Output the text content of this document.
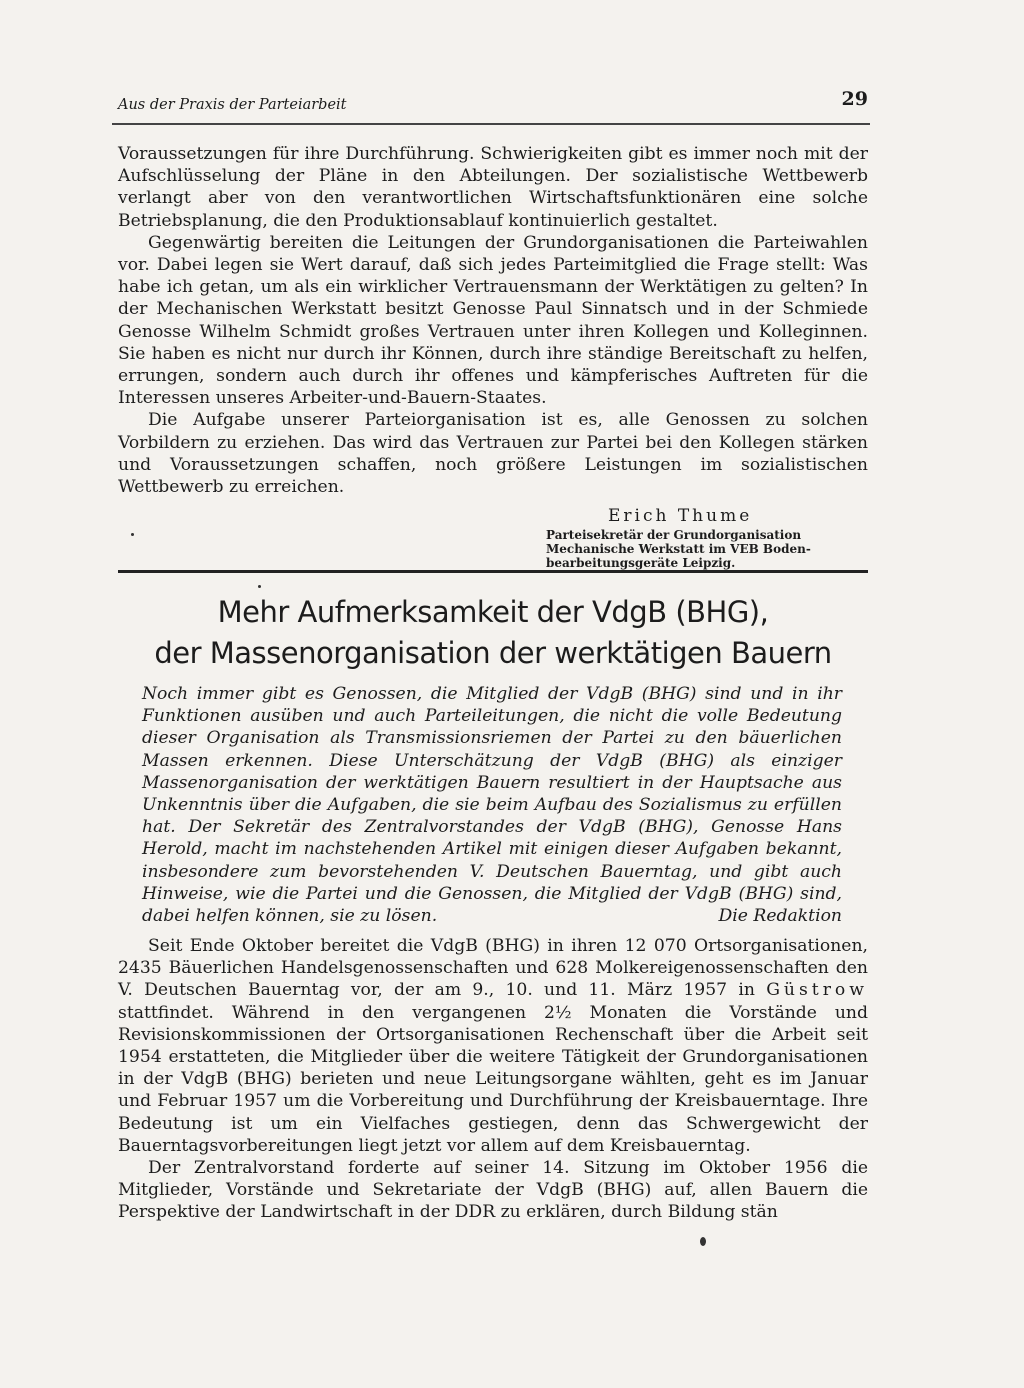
Aus der Praxis der Parteiarbeit	29

Voraussetzungen für ihre Durchführung. Schwierigkeiten gibt es immer noch mit der Aufschlüsselung der Pläne in den Abteilungen. Der sozialistische Wettbewerb verlangt aber von den verantwortlichen Wirtschaftsfunktionären eine solche Betriebsplanung, die den Produktionsablauf kontinuierlich gestaltet.

Gegenwärtig bereiten die Leitungen der Grundorganisationen die Parteiwahlen vor. Dabei legen sie Wert darauf, daß sich jedes Parteimitglied die Frage stellt: Was habe ich getan, um als ein wirklicher Vertrauensmann der Werktätigen zu gelten? In der Mechanischen Werkstatt besitzt Genosse Paul Sinnatsch und in der Schmiede Genosse Wilhelm Schmidt großes Vertrauen unter ihren Kollegen und Kolleginnen. Sie haben es nicht nur durch ihr Können, durch ihre ständige Bereitschaft zu helfen, errungen, sondern auch durch ihr offenes und kämpferisches Auftreten für die Interessen unseres Arbeiter-und-Bauern-Staates.

Die Aufgabe unserer Parteiorganisation ist es, alle Genossen zu solchen Vorbildern zu erziehen. Das wird das Vertrauen zur Partei bei den Kollegen stärken und Voraussetzungen schaffen, noch größere Leistungen im sozialistischen Wettbewerb zu erreichen.

Erich Thume
Parteisekretär der Grundorganisation
Mechanische Werkstatt im VEB Boden-
bearbeitungsgeräte Leipzig.
Mehr Aufmerksamkeit der VdgB (BHG),
der Massenorganisation der werktätigen Bauern

Noch immer gibt es Genossen, die Mitglied der VdgB (BHG) sind und in ihr Funktionen ausüben und auch Parteileitungen, die nicht die volle Bedeutung dieser Organisation als Transmissionsriemen der Partei zu den bäuerlichen Massen erkennen. Diese Unterschätzung der VdgB (BHG) als einziger Massenorganisation der werktätigen Bauern resultiert in der Hauptsache aus Unkenntnis über die Aufgaben, die sie beim Aufbau des Sozialismus zu erfüllen hat. Der Sekretär des Zentralvorstandes der VdgB (BHG), Genosse Hans Herold, macht im nachstehenden Artikel mit einigen dieser Aufgaben bekannt, insbesondere zum bevorstehenden V. Deutschen Bauerntag, und gibt auch Hinweise, wie die Partei und die Genossen, die Mitglied der VdgB (BHG) sind, dabei helfen können, sie zu lösen.	Die Redaktion

Seit Ende Oktober bereitet die VdgB (BHG) in ihren 12 070 Ortsorganisationen, 2435 Bäuerlichen Handelsgenossenschaften und 628 Molkereigenossenschaften den V. Deutschen Bauerntag vor, der am 9., 10. und 11. März 1957 in Güstrow stattfindet. Während in den vergangenen 2½ Monaten die Vorstände und Revisionskommissionen der Ortsorganisationen Rechenschaft über die Arbeit seit 1954 erstatteten, die Mitglieder über die weitere Tätigkeit der Grundorganisationen in der VdgB (BHG) berieten und neue Leitungsorgane wählten, geht es im Januar und Februar 1957 um die Vorbereitung und Durchführung der Kreisbauerntage. Ihre Bedeutung ist um ein Vielfaches gestiegen, denn das Schwergewicht der Bauerntagsvorbereitungen liegt jetzt vor allem auf dem Kreisbauerntag.

Der Zentralvorstand forderte auf seiner 14. Sitzung im Oktober 1956 die Mitglieder, Vorstände und Sekretariate der VdgB (BHG) auf, allen Bauern die Perspektive der Landwirtschaft in der DDR zu erklären, durch Bildung stän
